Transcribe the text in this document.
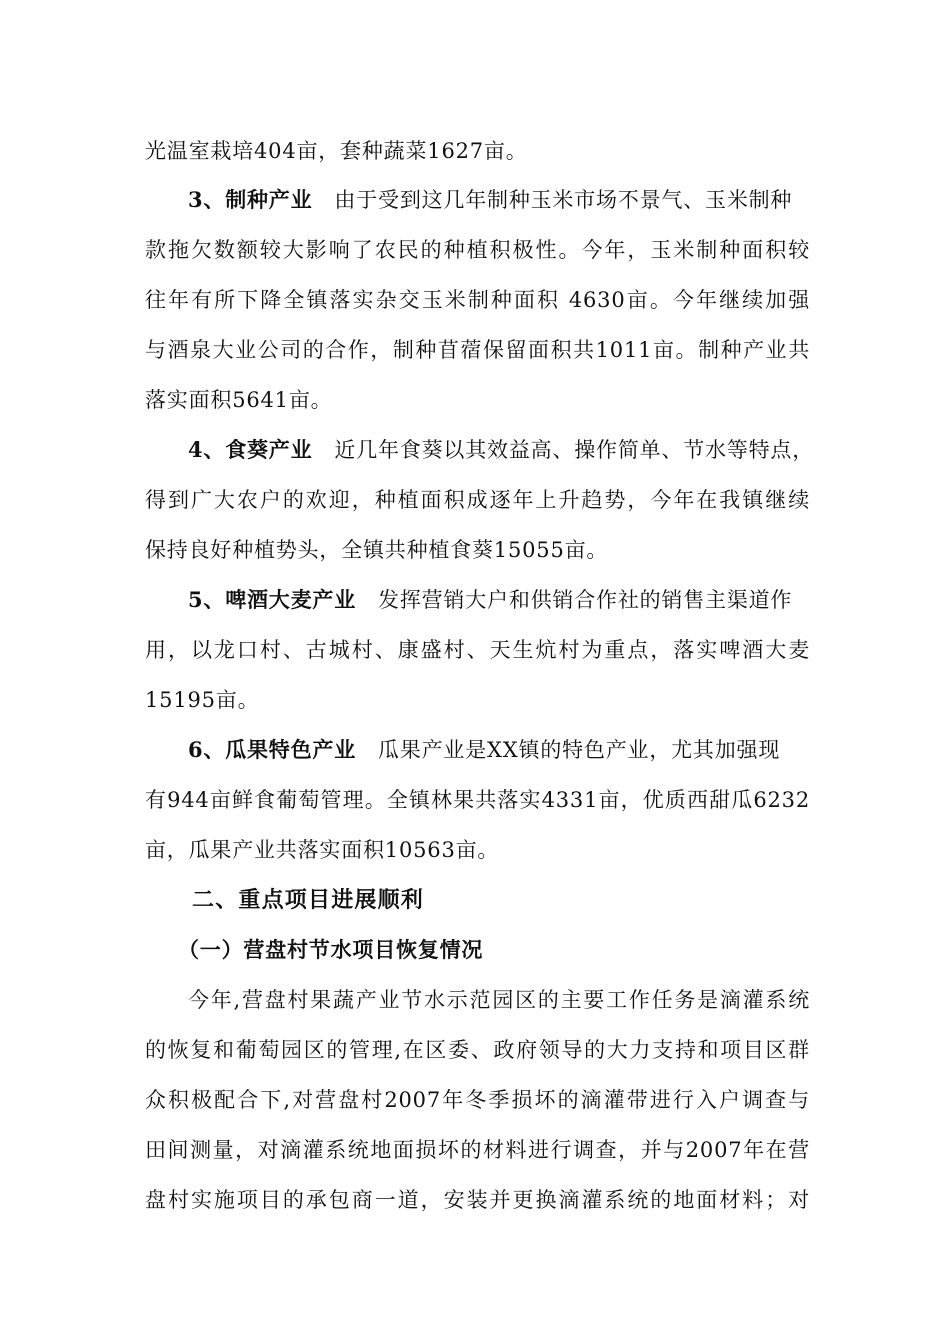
光温室栽培404亩，套种蔬菜1627亩。
3、制种产业 由于受到这几年制种玉米市场不景气、玉米制种
款拖欠数额较大影响了农民的种植积极性。今年，玉米制种面积较
往年有所下降全镇落实杂交玉米制种面积 4630亩。今年继续加强
与酒泉大业公司的合作，制种苜蓿保留面积共1011亩。制种产业共
落实面积5641亩。
4、食葵产业 近几年食葵以其效益高、操作简单、节水等特点，
得到广大农户的欢迎，种植面积成逐年上升趋势，今年在我镇继续
保持良好种植势头，全镇共种植食葵15055亩。
5、啤酒大麦产业 发挥营销大户和供销合作社的销售主渠道作
用，以龙口村、古城村、康盛村、天生炕村为重点，落实啤酒大麦
15195亩。
6、瓜果特色产业 瓜果产业是XX镇的特色产业，尤其加强现
有944亩鲜食葡萄管理。全镇林果共落实4331亩，优质西甜瓜6232
亩，瓜果产业共落实面积10563亩。
二、重点项目进展顺利
（一）营盘村节水项目恢复情况
今年,营盘村果蔬产业节水示范园区的主要工作任务是滴灌系统
的恢复和葡萄园区的管理,在区委、政府领导的大力支持和项目区群
众积极配合下,对营盘村2007年冬季损坏的滴灌带进行入户调查与
田间测量，对滴灌系统地面损坏的材料进行调查，并与2007年在营
盘村实施项目的承包商一道，安装并更换滴灌系统的地面材料；对
